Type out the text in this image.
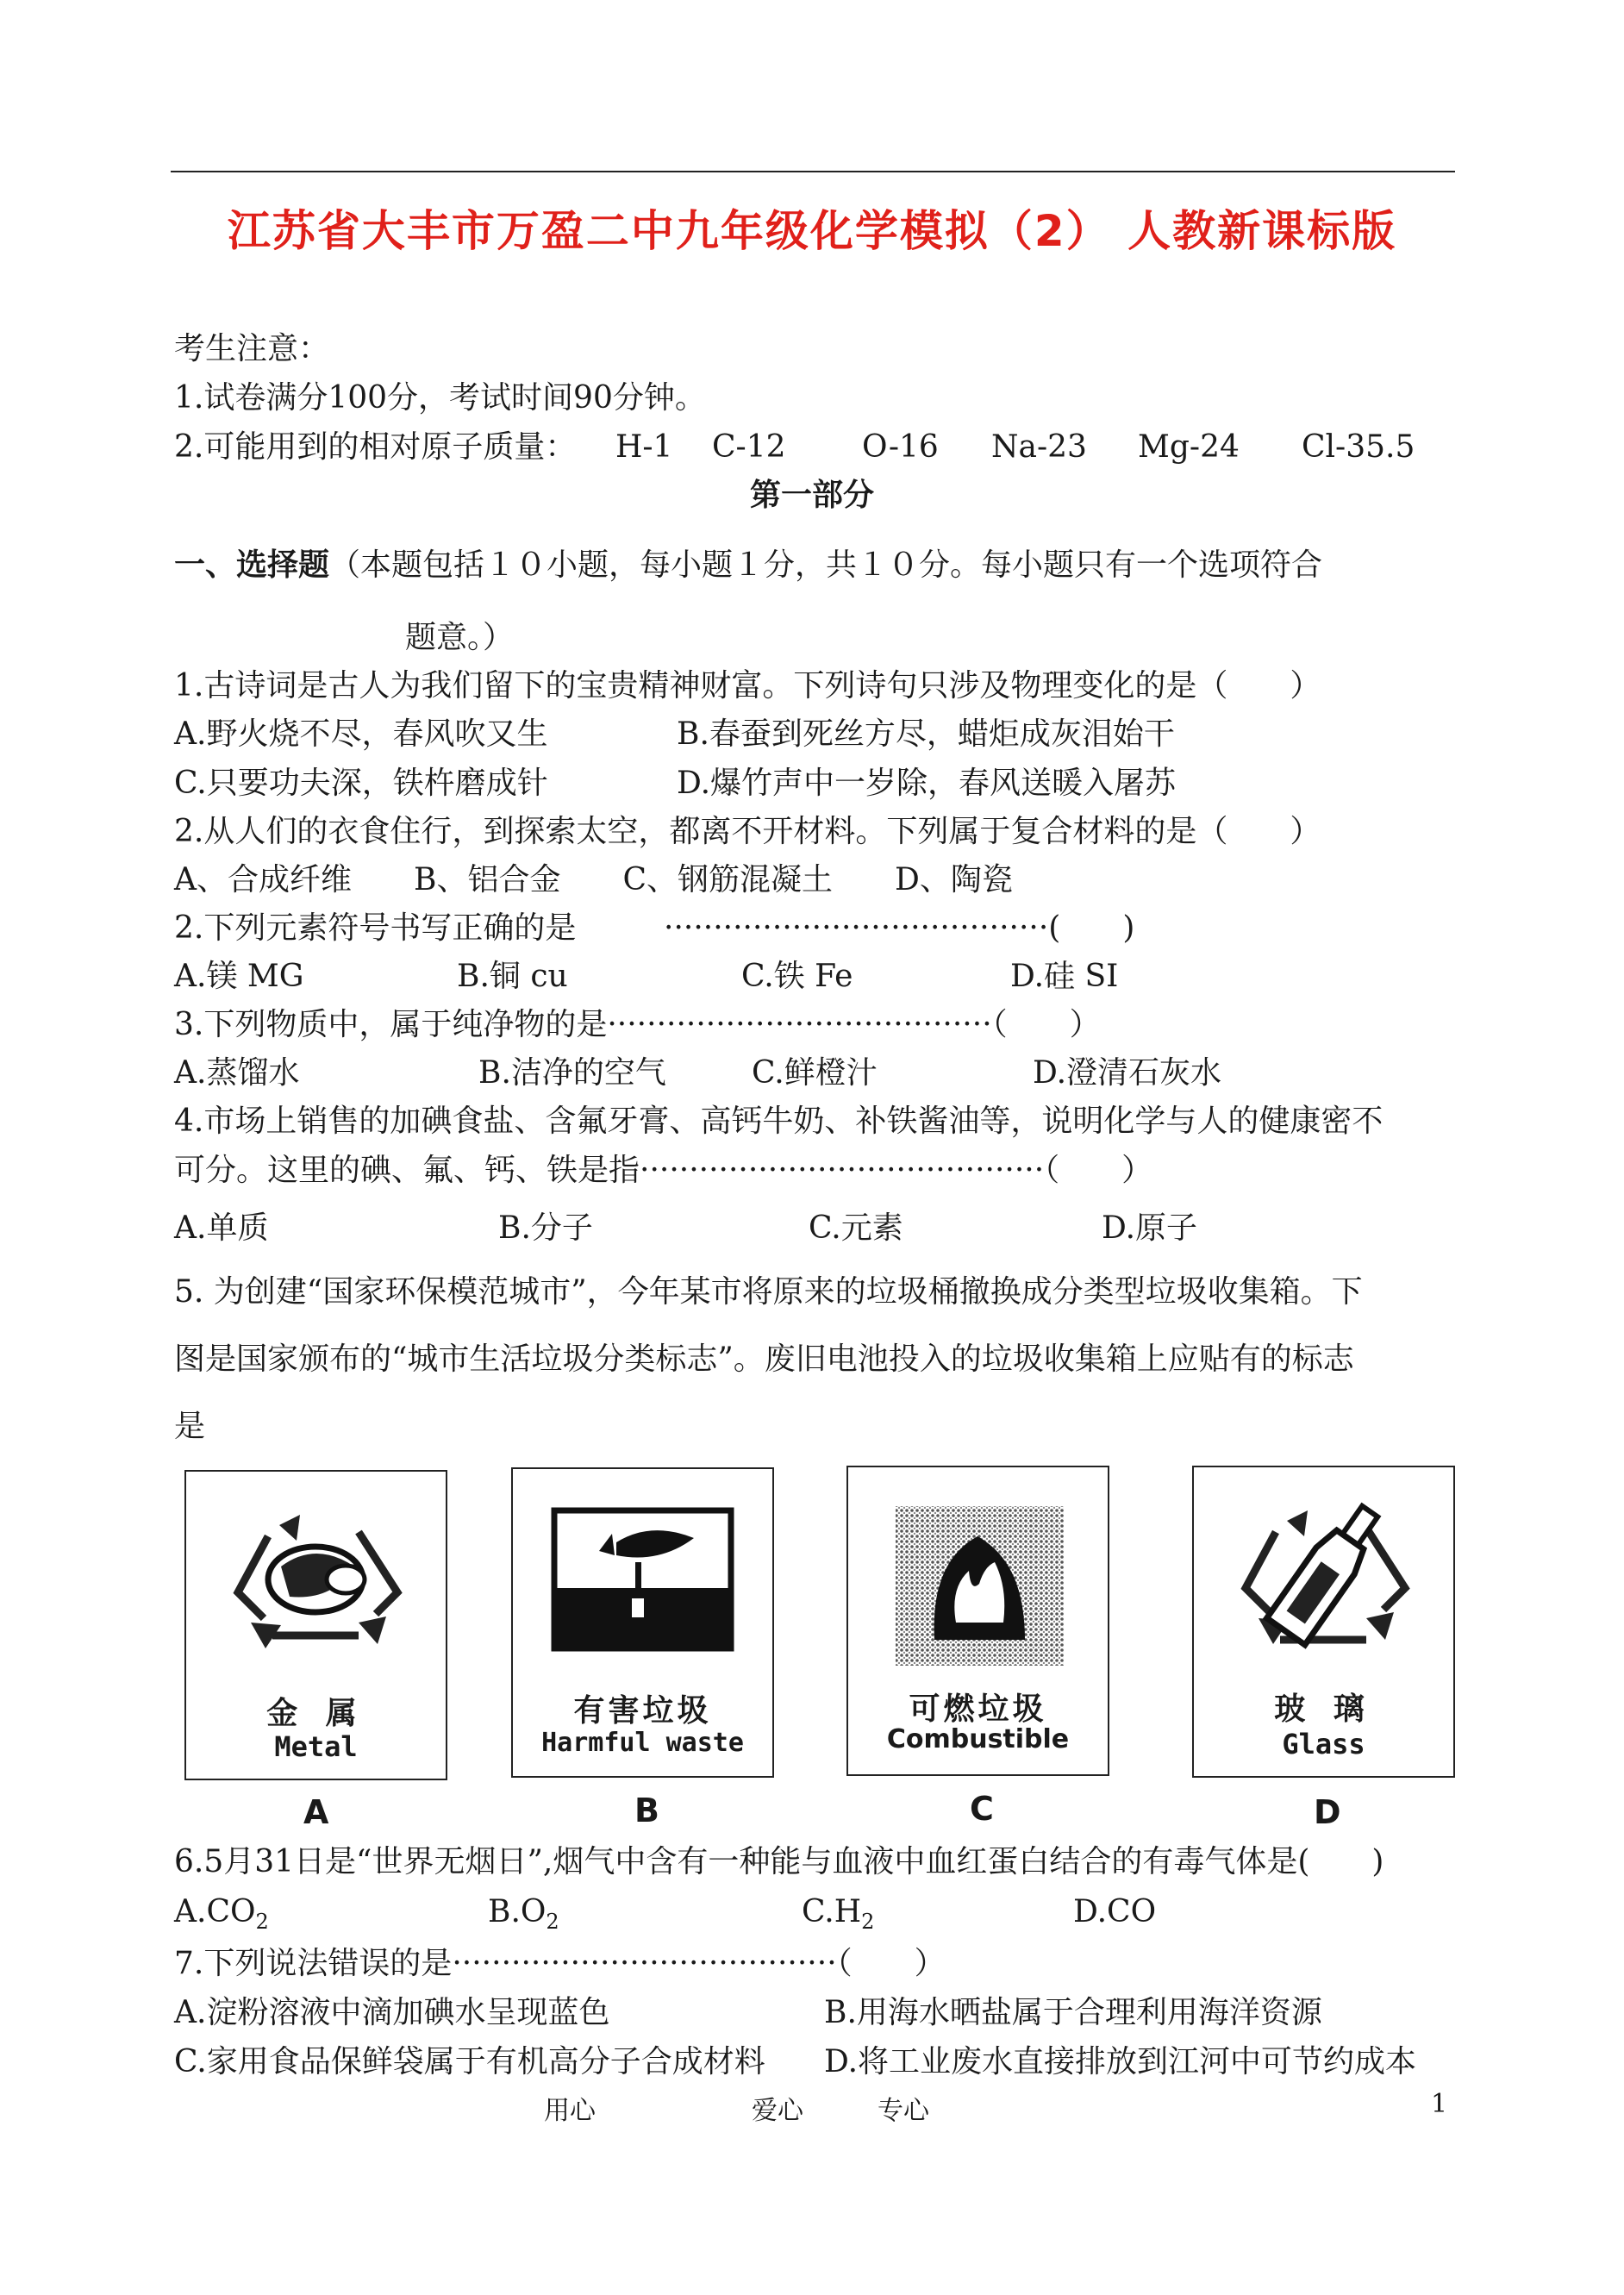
江苏省大丰市万盈二中九年级化学模拟（2） 人教新课标版
考生注意：
1.试卷满分100分，考试时间90分钟。
2.可能用到的相对原子质量： H-1 C-12 O-16 Na-23 Mg-24 Cl-35.5
第一部分
一、选择题（本题包括１０小题，每小题１分，共１０分。每小题只有一个选项符合
题意。）
1.古诗词是古人为我们留下的宝贵精神财富。下列诗句只涉及物理变化的是（　　）
A.野火烧不尽，春风吹又生	B.春蚕到死丝方尽，蜡炬成灰泪始干
C.只要功夫深，铁杵磨成针	D.爆竹声中一岁除，春风送暖入屠苏
2.从人们的衣食住行，到探索太空，都离不开材料。下列属于复合材料的是（　　）
A、合成纤维　　B、铝合金　　C、钢筋混凝土　　D、陶瓷
2.下列元素符号书写正确的是	·······································(　　)
A.镁 MG	B.铜 cu	C.铁 Fe	D.硅 SI
3.下列物质中，属于纯净物的是·······································（　　）
A.蒸馏水	B.洁净的空气	C.鲜橙汁	D.澄清石灰水
4.市场上销售的加碘食盐、含氟牙膏、高钙牛奶、补铁酱油等，说明化学与人的健康密不
可分。这里的碘、氟、钙、铁是指·········································（　　）
A.单质	B.分子	C.元素	D.原子
5. 为创建“国家环保模范城市”，今年某市将原来的垃圾桶撤换成分类型垃圾收集箱。下
图是国家颁布的“城市生活垃圾分类标志”。废旧电池投入的垃圾收集箱上应贴有的标志
是
金 属
Metal
A
有害垃圾
Harmful waste
B
可燃垃圾
Combustible
C
玻 璃
Glass
D
6.5月31日是“世界无烟日”,烟气中含有一种能与血液中血红蛋白结合的有毒气体是(　　)
$A.CO_2$	$B.O_2$	$C.H_2$	D.CO
7.下列说法错误的是·······································（　　）
A.淀粉溶液中滴加碘水呈现蓝色	B.用海水晒盐属于合理利用海洋资源
C.家用食品保鲜袋属于有机高分子合成材料 D.将工业废水直接排放到江河中可节约成本
用心	爱心	专心	1
